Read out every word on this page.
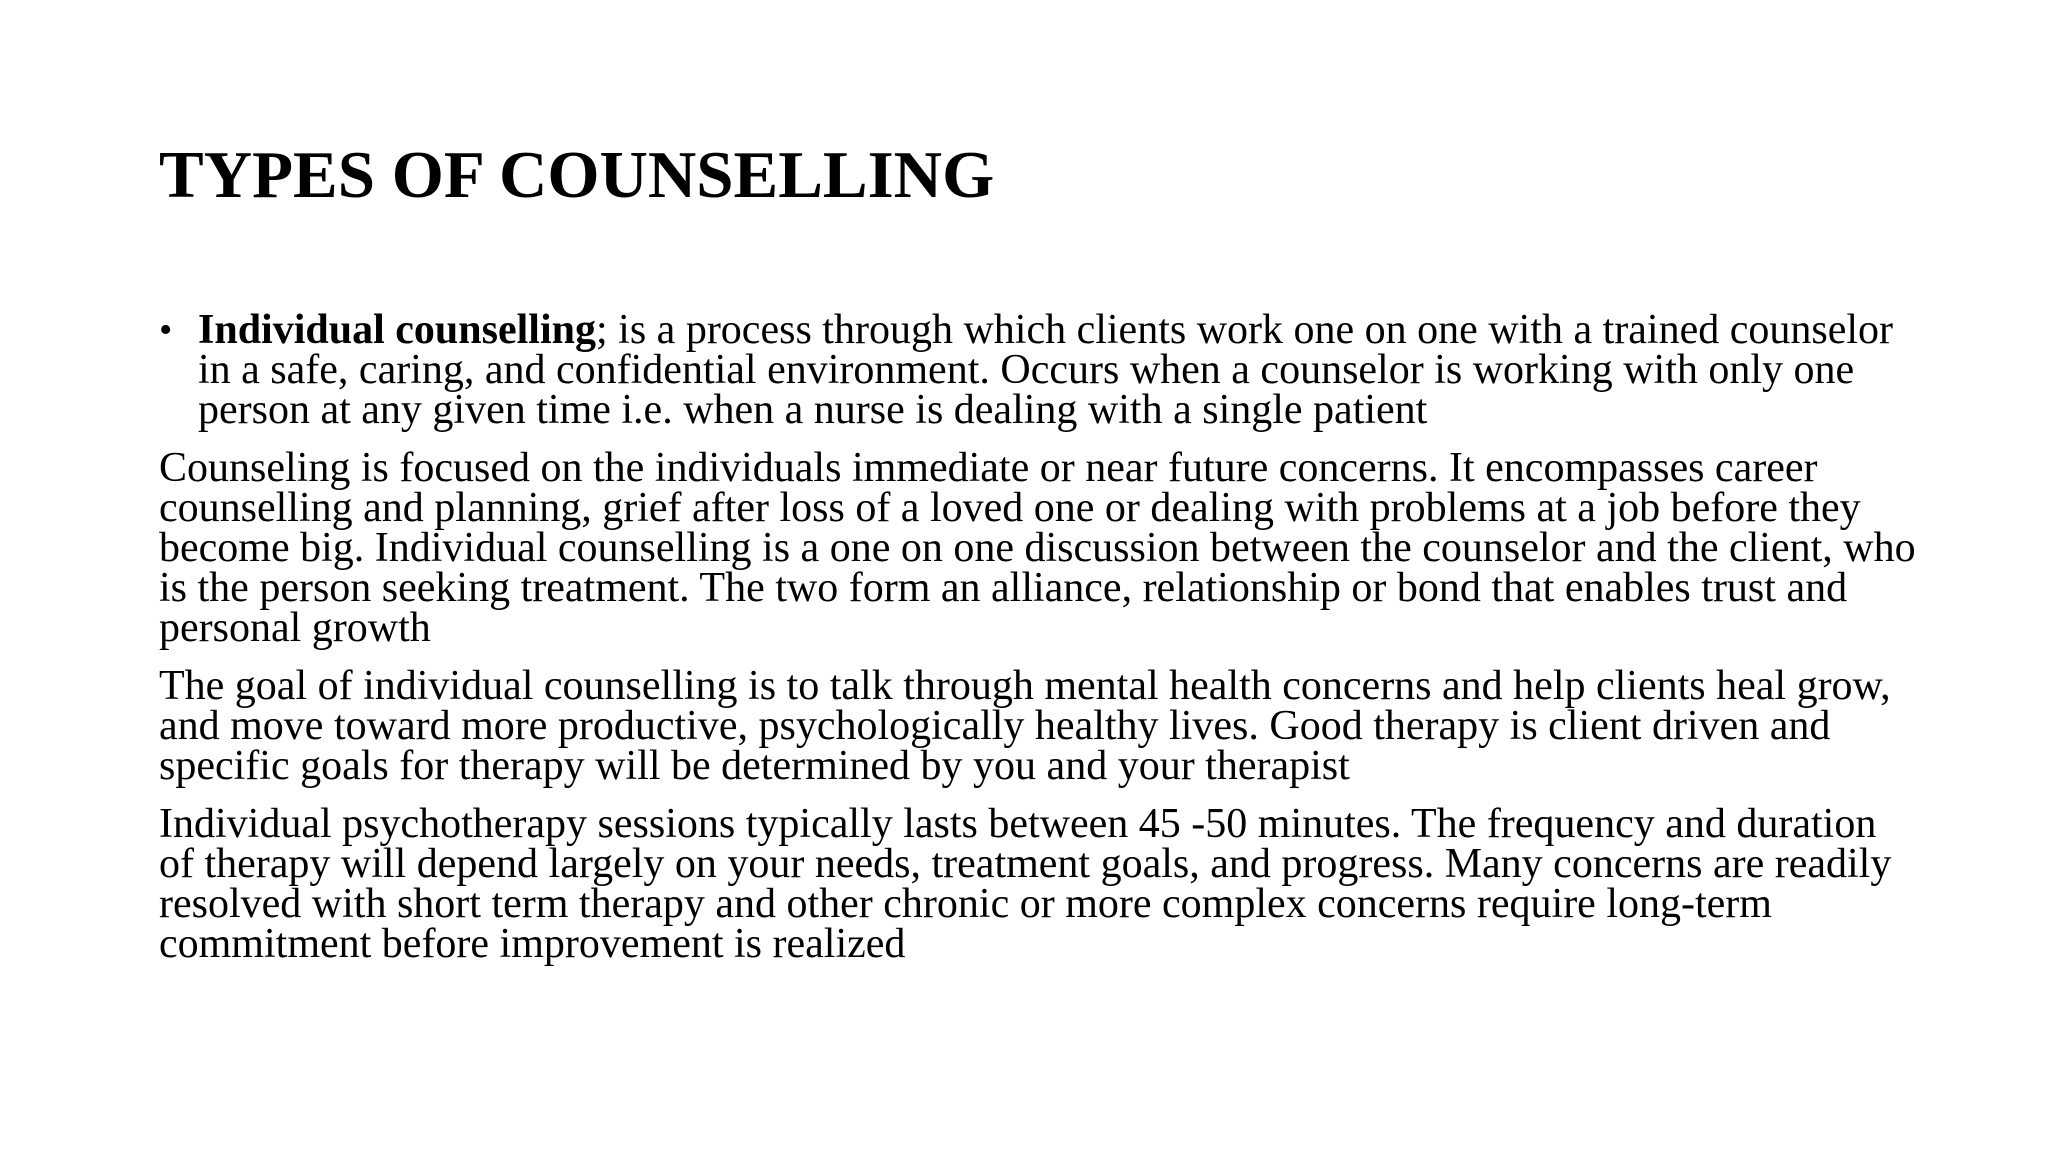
TYPES OF COUNSELLING
• Individual counselling; is a process through which clients work one on one with a trained counselor in a safe, caring, and confidential environment. Occurs when a counselor is working with only one person at any given time i.e. when a nurse is dealing with a single patient

Counseling is focused on the individuals immediate or near future concerns. It encompasses career counselling and planning, grief after loss of a loved one or dealing with problems at a job before they become big. Individual counselling is a one on one discussion between the counselor and the client, who is the person seeking treatment. The two form an alliance, relationship or bond that enables trust and personal growth

The goal of individual counselling is to talk through mental health concerns and help clients heal grow, and move toward more productive, psychologically healthy lives. Good therapy is client driven and specific goals for therapy will be determined by you and your therapist

Individual psychotherapy sessions typically lasts between 45 -50 minutes. The frequency and duration of therapy will depend largely on your needs, treatment goals, and progress. Many concerns are readily resolved with short term therapy and other chronic or more complex concerns require long-term commitment before improvement is realized
